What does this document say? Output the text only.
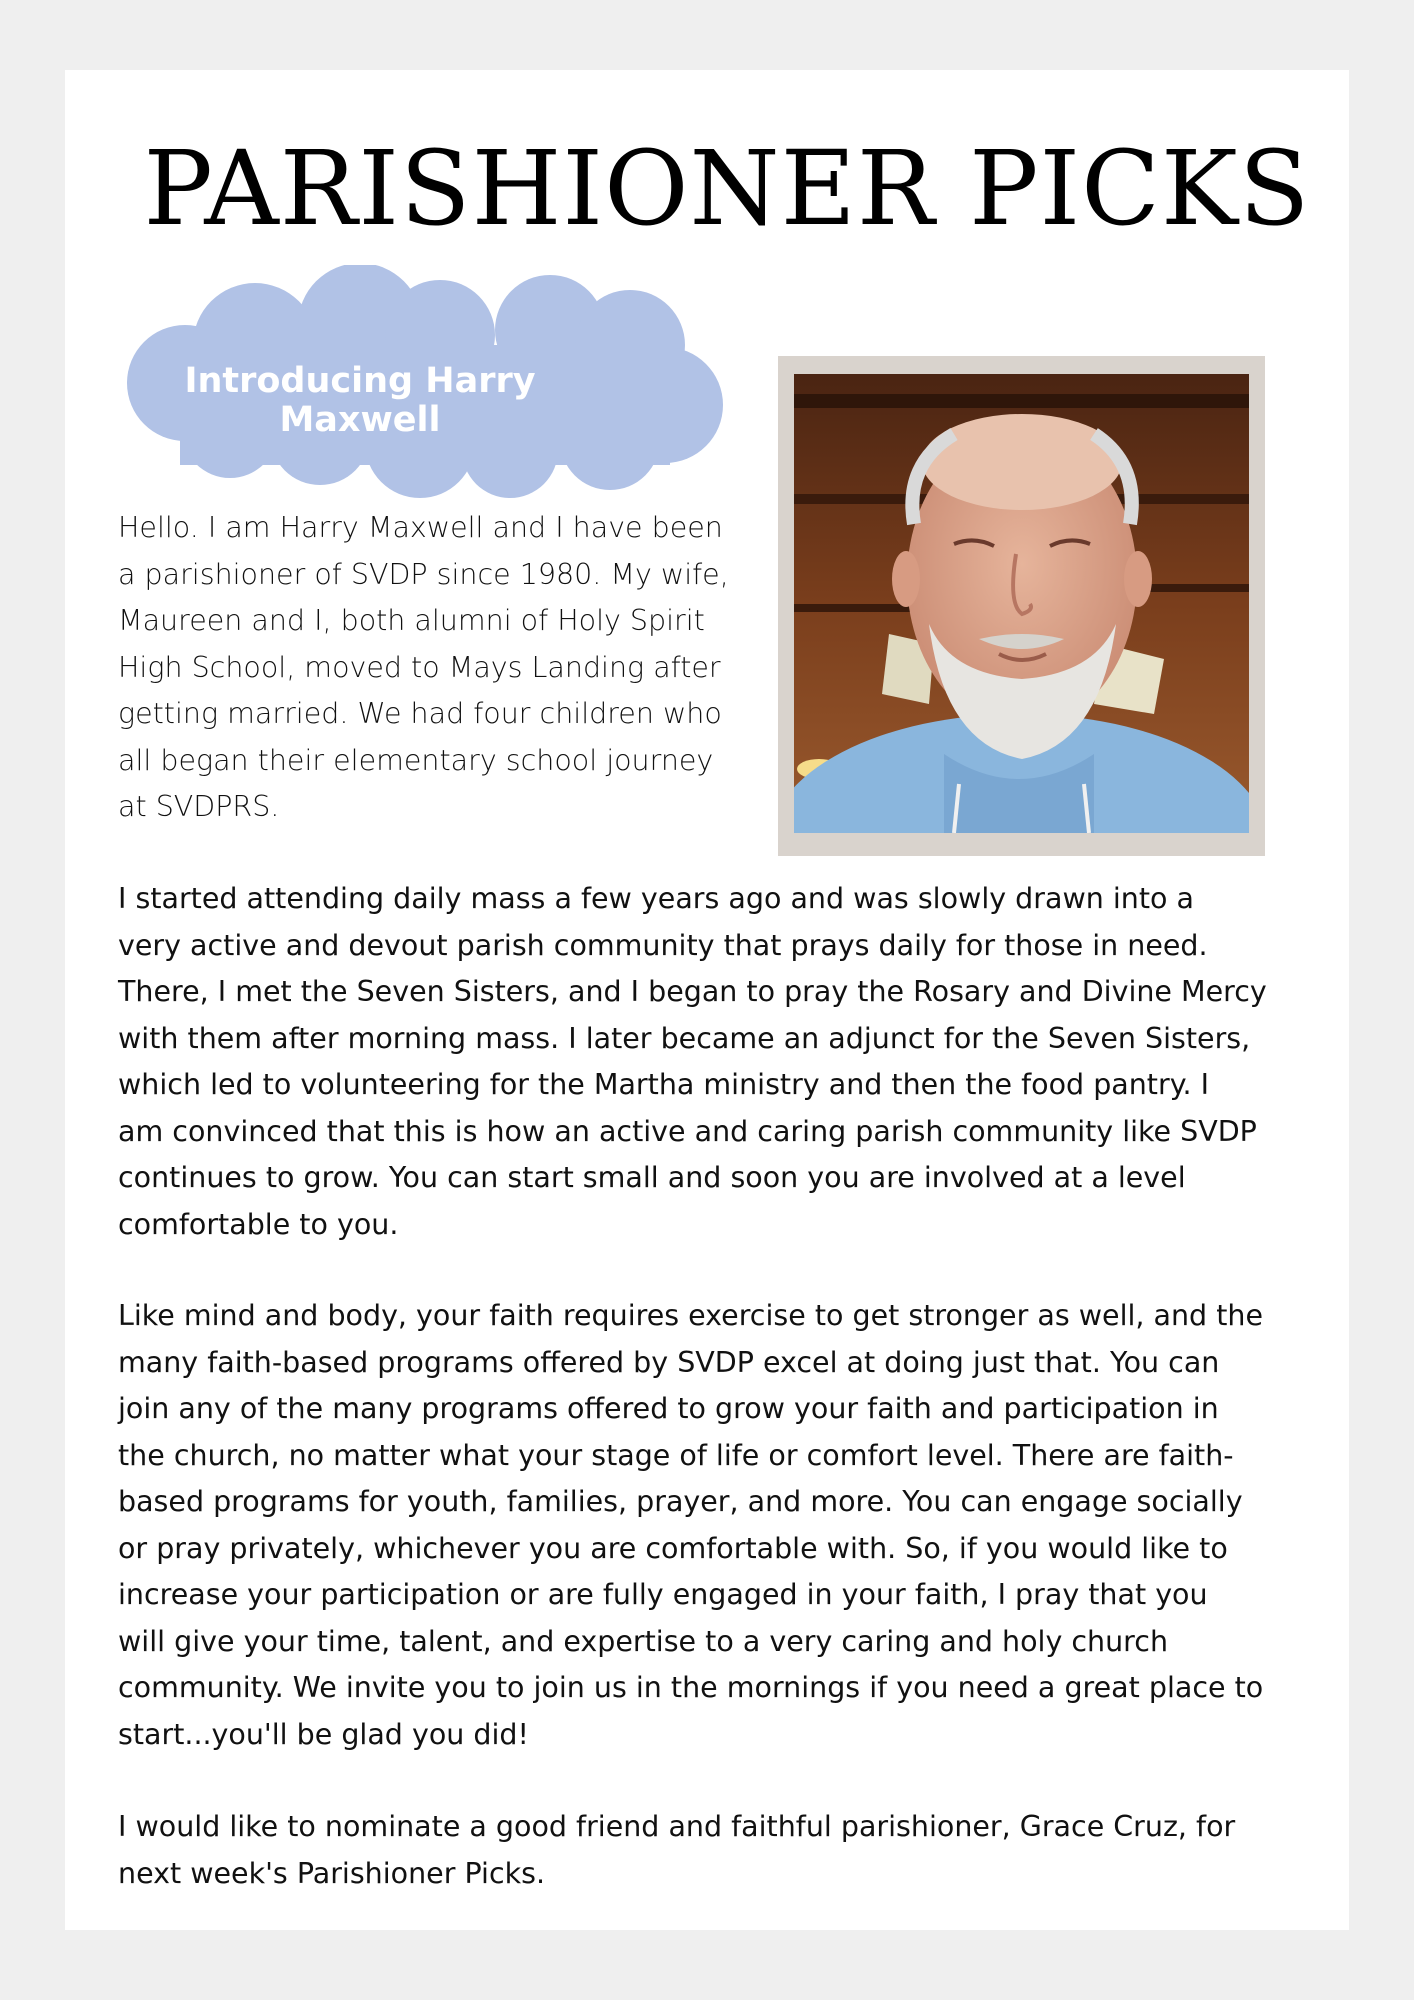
PARISHIONER PICKS
Introducing Harry Maxwell

Hello. I am Harry Maxwell and I have been
a parishioner of SVDP since 1980. My wife,
Maureen and I, both alumni of Holy Spirit
High School, moved to Mays Landing after
getting married. We had four children who
all began their elementary school journey
at SVDPRS.

I started attending daily mass a few years ago and was slowly drawn into a
very active and devout parish community that prays daily for those in need.
There, I met the Seven Sisters, and I began to pray the Rosary and Divine Mercy
with them after morning mass. I later became an adjunct for the Seven Sisters,
which led to volunteering for the Martha ministry and then the food pantry. I
am convinced that this is how an active and caring parish community like SVDP
continues to grow. You can start small and soon you are involved at a level
comfortable to you.

Like mind and body, your faith requires exercise to get stronger as well, and the
many faith-based programs offered by SVDP excel at doing just that. You can
join any of the many programs offered to grow your faith and participation in
the church, no matter what your stage of life or comfort level. There are faith-
based programs for youth, families, prayer, and more. You can engage socially
or pray privately, whichever you are comfortable with. So, if you would like to
increase your participation or are fully engaged in your faith, I pray that you
will give your time, talent, and expertise to a very caring and holy church
community. We invite you to join us in the mornings if you need a great place to
start...you'll be glad you did!

I would like to nominate a good friend and faithful parishioner, Grace Cruz, for
next week's Parishioner Picks.
